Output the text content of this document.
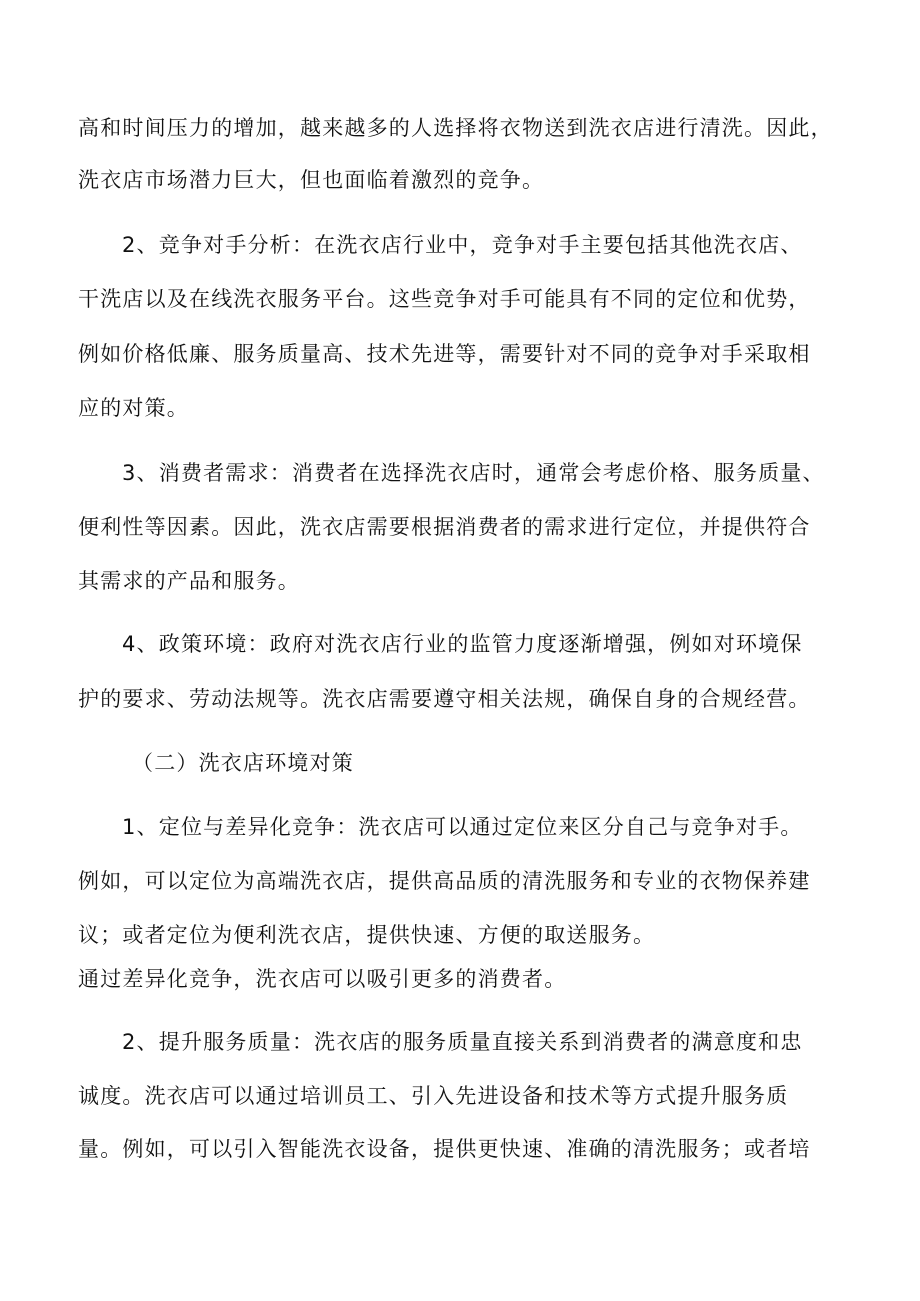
高和时间压力的增加，越来越多的人选择将衣物送到洗衣店进行清洗。因此，
洗衣店市场潜力巨大，但也面临着激烈的竞争。
2、竞争对手分析：在洗衣店行业中，竞争对手主要包括其他洗衣店、
干洗店以及在线洗衣服务平台。这些竞争对手可能具有不同的定位和优势，
例如价格低廉、服务质量高、技术先进等，需要针对不同的竞争对手采取相
应的对策。
3、消费者需求：消费者在选择洗衣店时，通常会考虑价格、服务质量、
便利性等因素。因此，洗衣店需要根据消费者的需求进行定位，并提供符合
其需求的产品和服务。
4、政策环境：政府对洗衣店行业的监管力度逐渐增强，例如对环境保
护的要求、劳动法规等。洗衣店需要遵守相关法规，确保自身的合规经营。
（二）洗衣店环境对策
1、定位与差异化竞争：洗衣店可以通过定位来区分自己与竞争对手。
例如，可以定位为高端洗衣店，提供高品质的清洗服务和专业的衣物保养建
议；或者定位为便利洗衣店，提供快速、方便的取送服务。
通过差异化竞争，洗衣店可以吸引更多的消费者。
2、提升服务质量：洗衣店的服务质量直接关系到消费者的满意度和忠
诚度。洗衣店可以通过培训员工、引入先进设备和技术等方式提升服务质
量。例如，可以引入智能洗衣设备，提供更快速、准确的清洗服务；或者培
